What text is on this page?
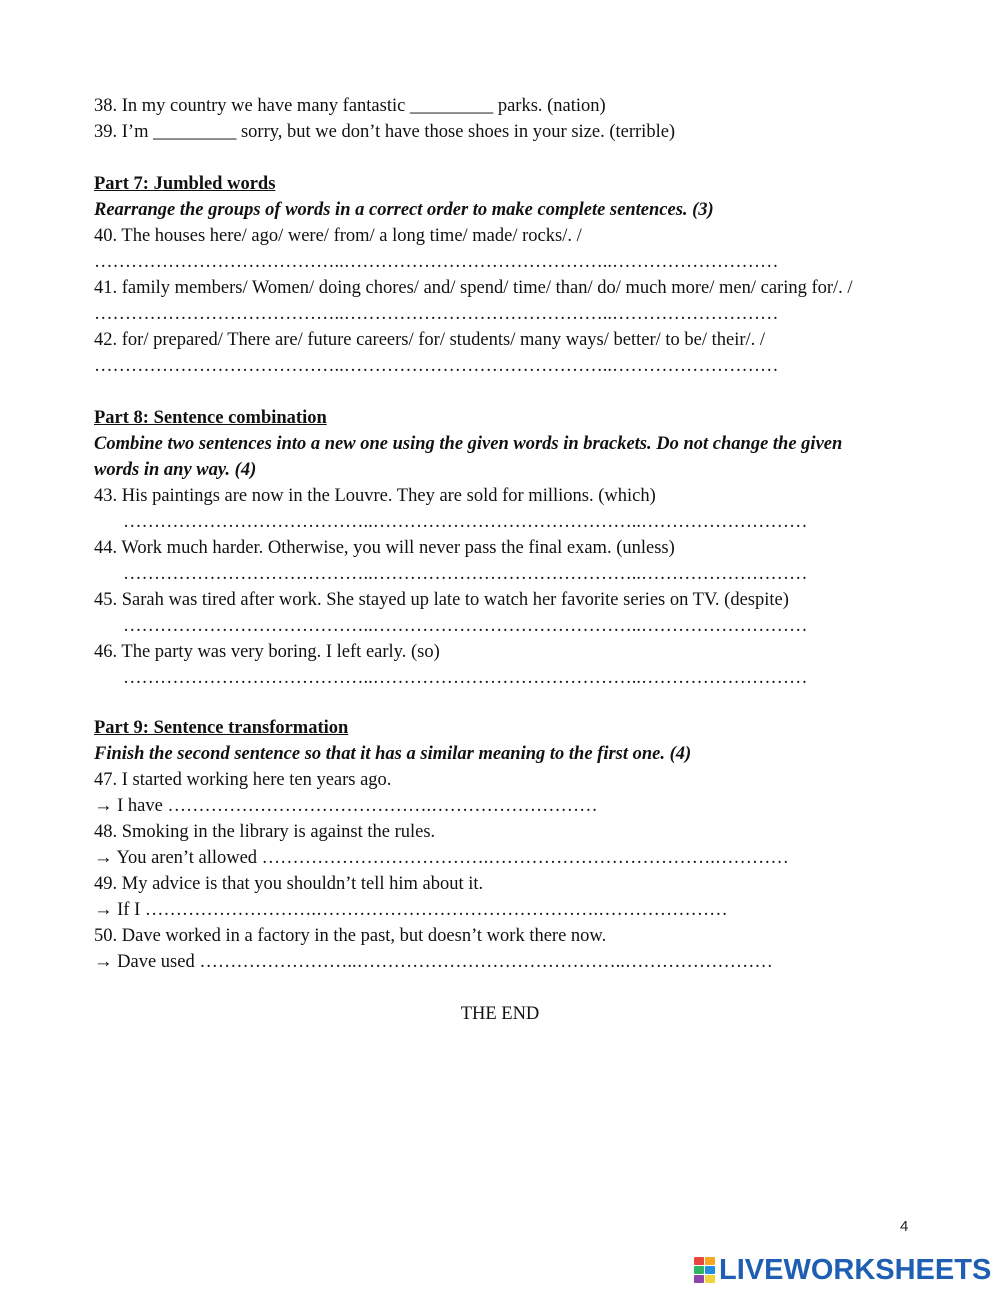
38. In my country we have many fantastic _________ parks. (nation)
39. I’m _________ sorry, but we don’t have those shoes in your size. (terrible)
Part 7: Jumbled words
Rearrange the groups of words in a correct order to make complete sentences. (3)
40. The houses here/ ago/ were/ from/ a long time/ made/ rocks/. /
…………………………………..……………………………………..………………………
41. family members/ Women/ doing chores/ and/ spend/ time/ than/ do/ much more/ men/ caring for/. /
…………………………………..……………………………………..………………………
42. for/ prepared/ There are/ future careers/ for/ students/ many ways/ better/ to be/ their/. /
…………………………………..……………………………………..………………………
Part 8: Sentence combination
Combine two sentences into a new one using the given words in brackets. Do not change the given
words in any way. (4)
43. His paintings are now in the Louvre. They are sold for millions. (which)
…………………………………..……………………………………..………………………
44. Work much harder. Otherwise, you will never pass the final exam. (unless)
…………………………………..……………………………………..………………………
45. Sarah was tired after work. She stayed up late to watch her favorite series on TV. (despite)
…………………………………..……………………………………..………………………
46. The party was very boring. I left early. (so)
…………………………………..……………………………………..………………………
Part 9: Sentence transformation
Finish the second sentence so that it has a similar meaning to the first one. (4)
47. I started working here ten years ago.
→ I have …………………………………….………………………
48. Smoking in the library is against the rules.
→ You aren’t allowed ……………………………….……………………………….…………
49. My advice is that you shouldn’t tell him about it.
→ If I ……………………….……………………………………….…………………
50. Dave worked in a factory in the past, but doesn’t work there now.
→ Dave used ……………………..……………………………………..……………………
THE END
4
LIVEWORKSHEETS
